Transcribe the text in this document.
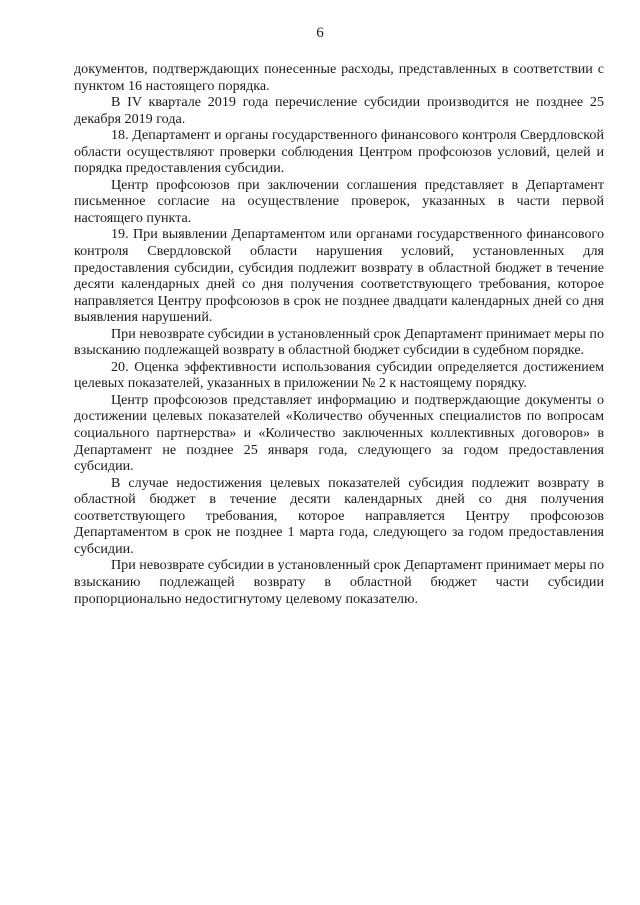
6

документов, подтверждающих понесенные расходы, представленных в соответствии с пунктом 16 настоящего порядка.

В IV квартале 2019 года перечисление субсидии производится не позднее 25 декабря 2019 года.

18. Департамент и органы государственного финансового контроля Свердловской области осуществляют проверки соблюдения Центром профсоюзов условий, целей и порядка предоставления субсидии.

Центр профсоюзов при заключении соглашения представляет в Департамент письменное согласие на осуществление проверок, указанных в части первой настоящего пункта.

19. При выявлении Департаментом или органами государственного финансового контроля Свердловской области нарушения условий, установленных для предоставления субсидии, субсидия подлежит возврату в областной бюджет в течение десяти календарных дней со дня получения соответствующего требования, которое направляется Центру профсоюзов в срок не позднее двадцати календарных дней со дня выявления нарушений.

При невозврате субсидии в установленный срок Департамент принимает меры по взысканию подлежащей возврату в областной бюджет субсидии в судебном порядке.

20. Оценка эффективности использования субсидии определяется достижением целевых показателей, указанных в приложении № 2 к настоящему порядку.

Центр профсоюзов представляет информацию и подтверждающие документы о достижении целевых показателей «Количество обученных специалистов по вопросам социального партнерства» и «Количество заключенных коллективных договоров» в Департамент не позднее 25 января года, следующего за годом предоставления субсидии.

В случае недостижения целевых показателей субсидия подлежит возврату в областной бюджет в течение десяти календарных дней со дня получения соответствующего требования, которое направляется Центру профсоюзов Департаментом в срок не позднее 1 марта года, следующего за годом предоставления субсидии.

При невозврате субсидии в установленный срок Департамент принимает меры по взысканию подлежащей возврату в областной бюджет части субсидии пропорционально недостигнутому целевому показателю.
